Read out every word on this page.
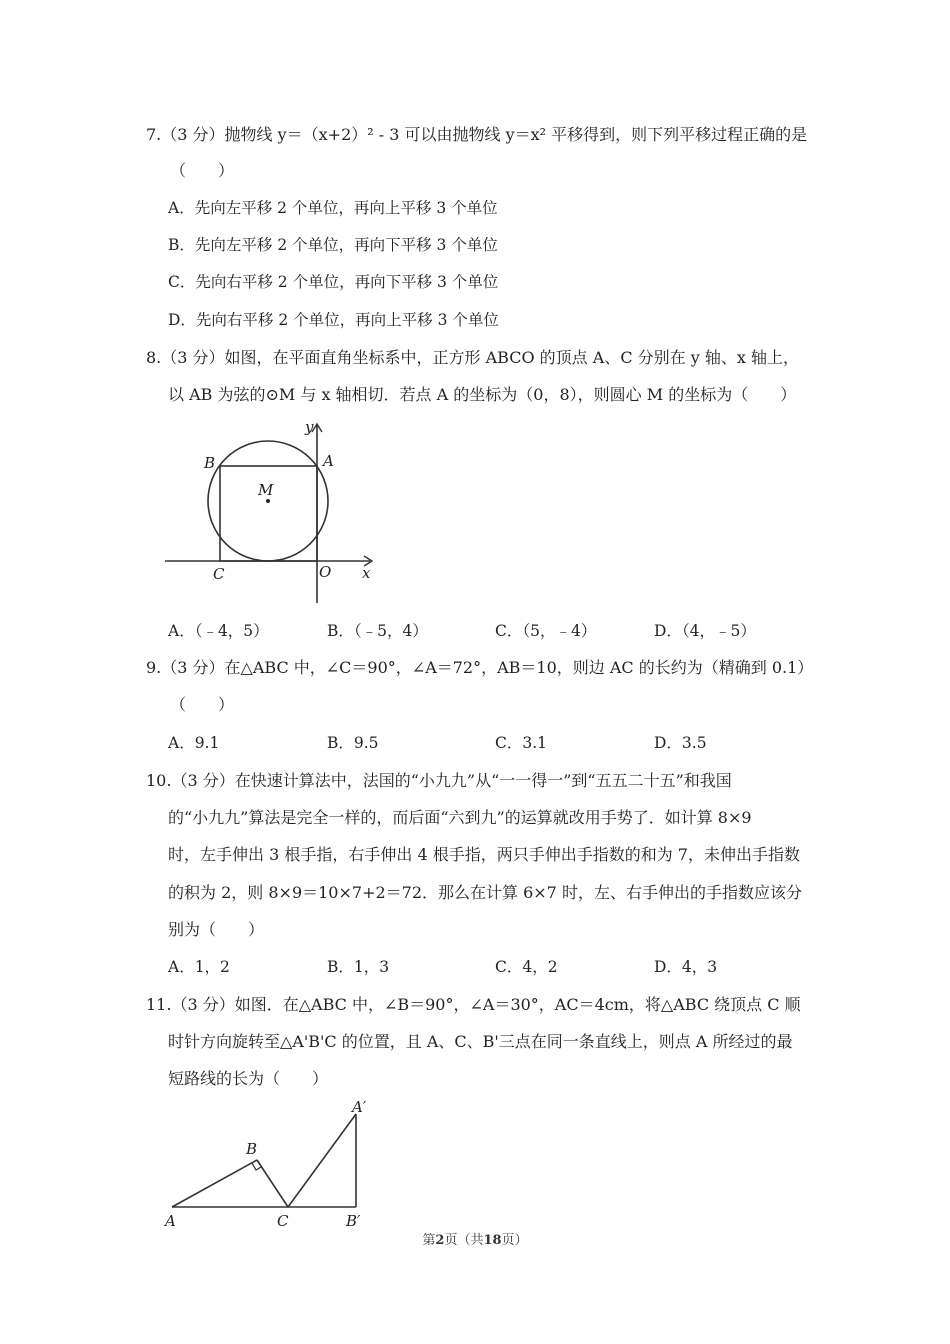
7.（3 分）抛物线 y＝（x+2）² - 3 可以由抛物线 y＝x² 平移得到，则下列平移过程正确的是
（　　）
A．先向左平移 2 个单位，再向上平移 3 个单位
B．先向左平移 2 个单位，再向下平移 3 个单位
C．先向右平移 2 个单位，再向下平移 3 个单位
D．先向右平移 2 个单位，再向上平移 3 个单位
8.（3 分）如图，在平面直角坐标系中，正方形 ABCO 的顶点 A、C 分别在 y 轴、x 轴上，
以 AB 为弦的⊙M 与 x 轴相切．若点 A 的坐标为（0，8），则圆心 M 的坐标为（　　）
y
x
A
B
C	O
M
A．（﹣4，5）	B．（﹣5，4）	C．（5，﹣4）	D．（4，﹣5）
9.（3 分）在△ABC 中，∠C＝90°，∠A＝72°，AB＝10，则边 AC 的长约为（精确到 0.1）
（　　）
A．9.1	B．9.5	C．3.1	D．3.5
10.（3 分）在快速计算法中，法国的“小九九”从“一一得一”到“五五二十五”和我国
的“小九九”算法是完全一样的，而后面“六到九”的运算就改用手势了．如计算 8×9
时，左手伸出 3 根手指，右手伸出 4 根手指，两只手伸出手指数的和为 7，未伸出手指数
的积为 2，则 8×9＝10×7+2＝72．那么在计算 6×7 时，左、右手伸出的手指数应该分
别为（　　）
A．1，2	B．1，3	C．4，2	D．4，3
11.（3 分）如图．在△ABC 中，∠B＝90°，∠A＝30°，AC＝4cm，将△ABC 绕顶点 C 顺
时针方向旋转至△A'B'C 的位置，且 A、C、B'三点在同一条直线上，则点 A 所经过的最
短路线的长为（　　）
A
B
C
A′
B′
第2页（共18页）
